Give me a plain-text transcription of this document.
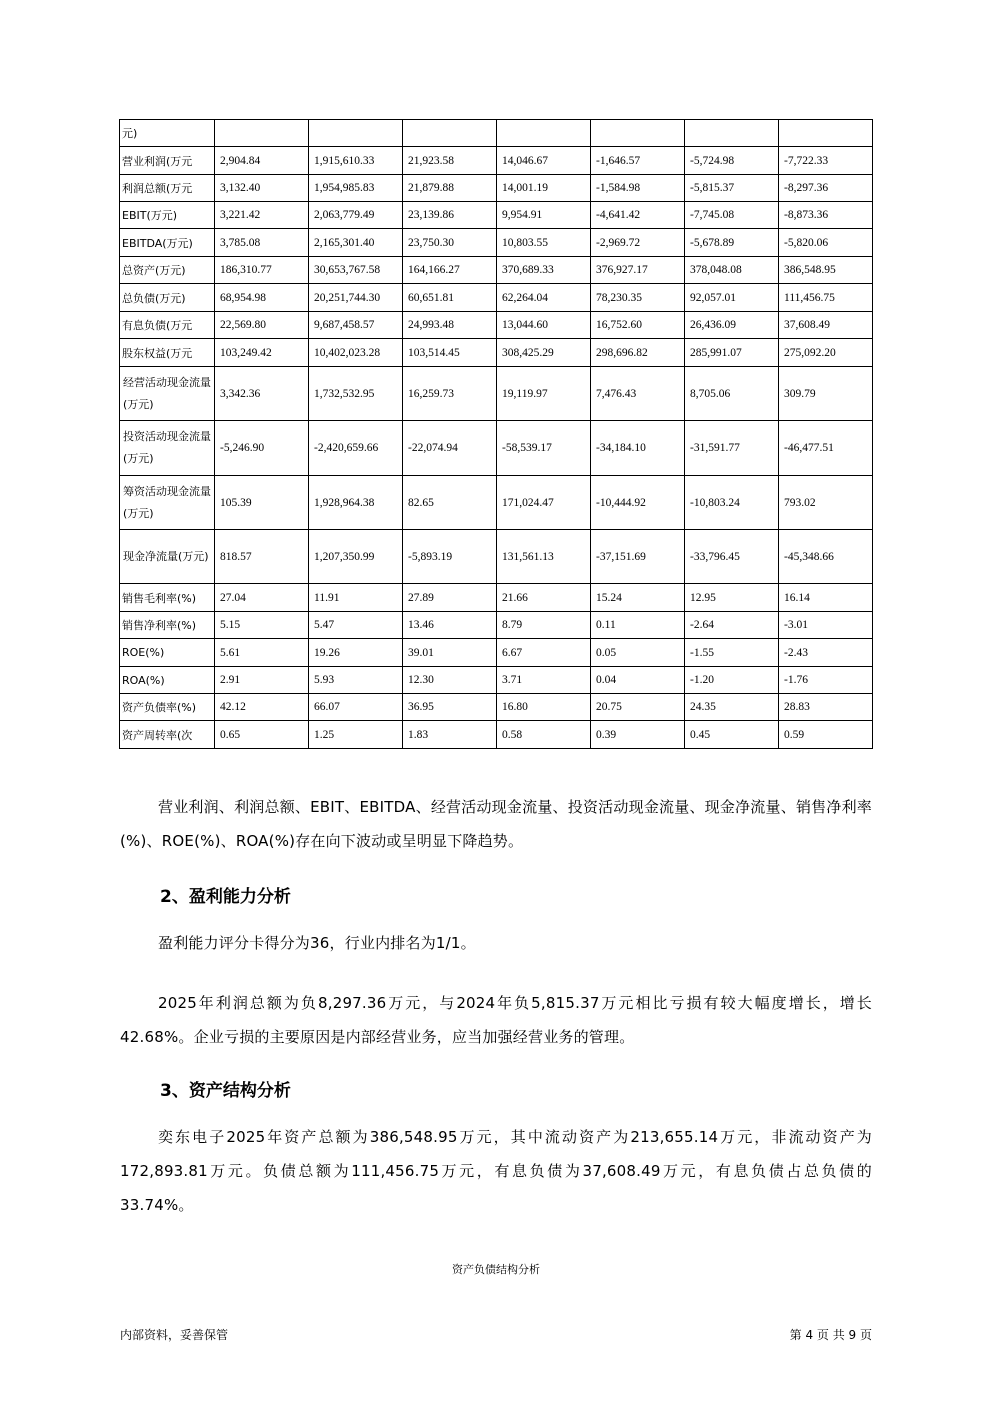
元)							
营业利润(万元	2,904.84	1,915,610.33	21,923.58	14,046.67	-1,646.57	-5,724.98	-7,722.33
利润总额(万元	3,132.40	1,954,985.83	21,879.88	14,001.19	-1,584.98	-5,815.37	-8,297.36
EBIT(万元)	3,221.42	2,063,779.49	23,139.86	9,954.91	-4,641.42	-7,745.08	-8,873.36
EBITDA(万元)	3,785.08	2,165,301.40	23,750.30	10,803.55	-2,969.72	-5,678.89	-5,820.06
总资产(万元)	186,310.77	30,653,767.58	164,166.27	370,689.33	376,927.17	378,048.08	386,548.95
总负债(万元)	68,954.98	20,251,744.30	60,651.81	62,264.04	78,230.35	92,057.01	111,456.75
有息负债(万元	22,569.80	9,687,458.57	24,993.48	13,044.60	16,752.60	26,436.09	37,608.49
股东权益(万元	103,249.42	10,402,023.28	103,514.45	308,425.29	298,696.82	285,991.07	275,092.20
经营活动现金流量(万元)	3,342.36	1,732,532.95	16,259.73	19,119.97	7,476.43	8,705.06	309.79
投资活动现金流量(万元)	-5,246.90	-2,420,659.66	-22,074.94	-58,539.17	-34,184.10	-31,591.77	-46,477.51
筹资活动现金流量(万元)	105.39	1,928,964.38	82.65	171,024.47	-10,444.92	-10,803.24	793.02
现金净流量(万元)	818.57	1,207,350.99	-5,893.19	131,561.13	-37,151.69	-33,796.45	-45,348.66
销售毛利率(%)	27.04	11.91	27.89	21.66	15.24	12.95	16.14
销售净利率(%)	5.15	5.47	13.46	8.79	0.11	-2.64	-3.01
ROE(%)	5.61	19.26	39.01	6.67	0.05	-1.55	-2.43
ROA(%)	2.91	5.93	12.30	3.71	0.04	-1.20	-1.76
资产负债率(%)	42.12	66.07	36.95	16.80	20.75	24.35	28.83
资产周转率(次	0.65	1.25	1.83	0.58	0.39	0.45	0.59

营业利润、利润总额、EBIT、EBITDA、经营活动现金流量、投资活动现金流量、现金净流量、销售净利率(%)、ROE(%)、ROA(%)存在向下波动或呈明显下降趋势。

2、盈利能力分析

盈利能力评分卡得分为36，行业内排名为1/1。

2025年利润总额为负8,297.36万元，与2024年负5,815.37万元相比亏损有较大幅度增长，增长42.68%。企业亏损的主要原因是内部经营业务，应当加强经营业务的管理。

3、资产结构分析

奕东电子2025年资产总额为386,548.95万元，其中流动资产为213,655.14万元，非流动资产为172,893.81万元。负债总额为111,456.75万元，有息负债为37,608.49万元，有息负债占总负债的33.74%。

资产负债结构分析
内部资料，妥善保管	第 4 页 共 9 页
